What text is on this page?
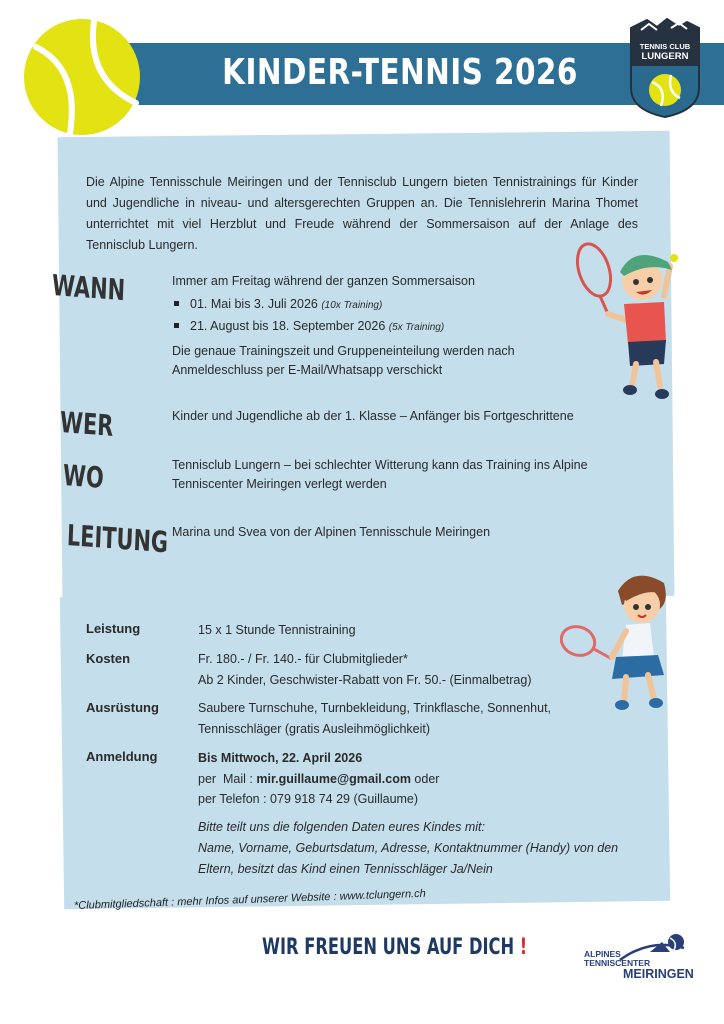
KINDER-TENNIS 2026
TENNIS CLUB
LUNGERN

Die Alpine Tennisschule Meiringen und der Tennisclub Lungern bieten Tennistrainings für Kinder und Jugendliche in niveau- und altersgerechten Gruppen an. Die Tennislehrerin Marina Thomet unterrichtet mit viel Herzblut und Freude während der Sommersaison auf der Anlage des Tennisclub Lungern.

WANN	Immer am Freitag während der ganzen Sommersaison
01. Mai bis 3. Juli 2026 (10x Training)
21. August bis 18. September 2026 (5x Training)
Die genaue Trainingszeit und Gruppeneinteilung werden nach Anmeldeschluss per E-Mail/Whatsapp verschickt
WER	Kinder und Jugendliche ab der 1. Klasse – Anfänger bis Fortgeschrittene
WO	Tennisclub Lungern – bei schlechter Witterung kann das Training ins Alpine Tenniscenter Meiringen verlegt werden
LEITUNG Marina und Svea von der Alpinen Tennisschule Meiringen
Leistung	15 x 1 Stunde Tennistraining
Kosten	Fr. 180.- / Fr. 140.- für Clubmitglieder*
Ab 2 Kinder, Geschwister-Rabatt von Fr. 50.- (Einmalbetrag)
Ausrüstung	Saubere Turnschuhe, Turnbekleidung, Trinkflasche, Sonnenhut, Tennisschläger (gratis Ausleihmöglichkeit)
Anmeldung	Bis Mittwoch, 22. April 2026
per  Mail : mir.guillaume@gmail.com oder
per Telefon : 079 918 74 29 (Guillaume)
Bitte teilt uns die folgenden Daten eures Kindes mit:
Name, Vorname, Geburtsdatum, Adresse, Kontaktnummer (Handy) von den Eltern, besitzt das Kind einen Tennisschläger Ja/Nein
*Clubmitgliedschaft : mehr Infos auf unserer Website : www.tclungern.ch
WIR FREUEN UNS AUF DICH !	ALPINES
TENNISCENTER
MEIRINGEN
